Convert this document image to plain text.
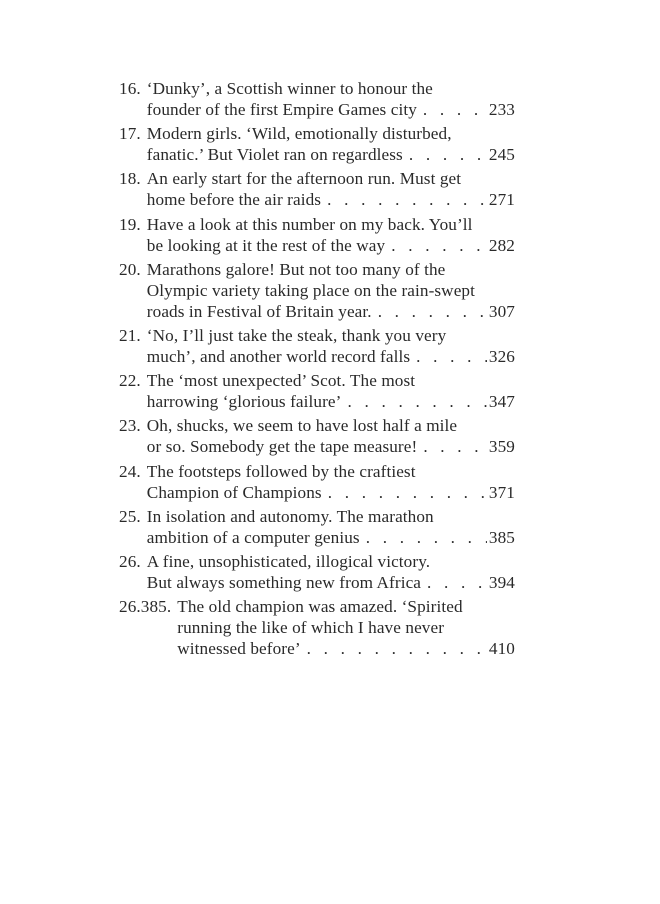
16. ‘Dunky’, a Scottish winner to honour the
founder of the first Empire Games city . . .	233
17. Modern girls. ‘Wild, emotionally disturbed,
fanatic.’ But Violet ran on regardless . . .	245
18. An early start for the afternoon run. Must get
home before the air raids . . .	271
19. Have a look at this number on my back. You’ll
be looking at it the rest of the way . . .	282
20. Marathons galore! But not too many of the
Olympic variety taking place on the rain-swept
roads in Festival of Britain year. . . .	307
21. ‘No, I’ll just take the steak, thank you very
much’, and another world record falls . . .	326
22. The ‘most unexpected’ Scot. The most
harrowing ‘glorious failure’ . . .	347
23. Oh, shucks, we seem to have lost half a mile
or so. Somebody get the tape measure! . . .	359
24. The footsteps followed by the craftiest
Champion of Champions . . .	371
25. In isolation and autonomy. The marathon
ambition of a computer genius . . .	385
26. A fine, unsophisticated, illogical victory.
But always something new from Africa . . .	394
26.385. The old champion was amazed. ‘Spirited
running the like of which I have never
witnessed before’ . . .	410
